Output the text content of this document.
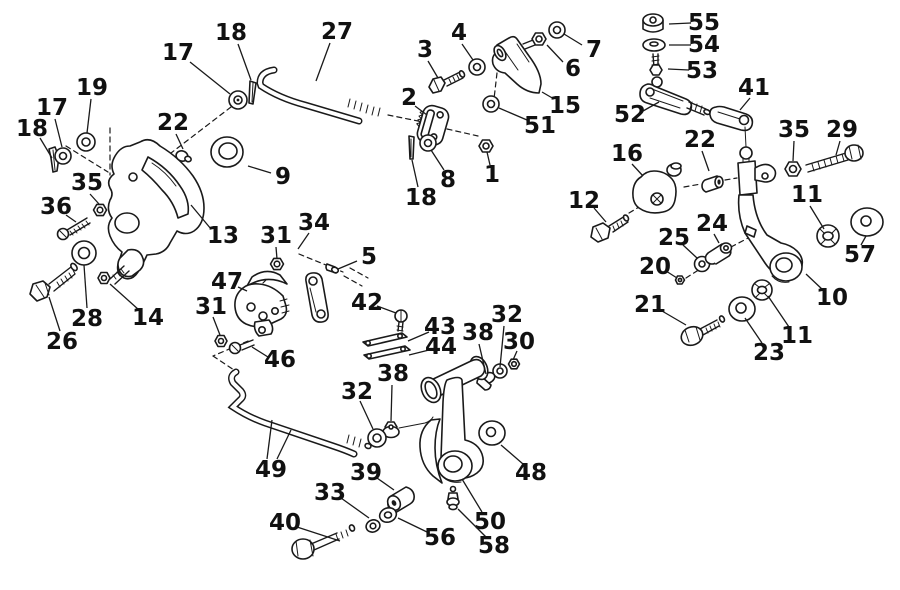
18
17
19
17
18
22
9
27
3
4
7
6
15
2
51
8 1
18
55
54
53
41
52
22
16
35 29
12
24
25
20
21
23
11
10
57
11
13
35
36
26
28 14
31 34
5
47
31	42
43
44
46
38
32
30
38
32
49	39
33
40
56
50
58
48
